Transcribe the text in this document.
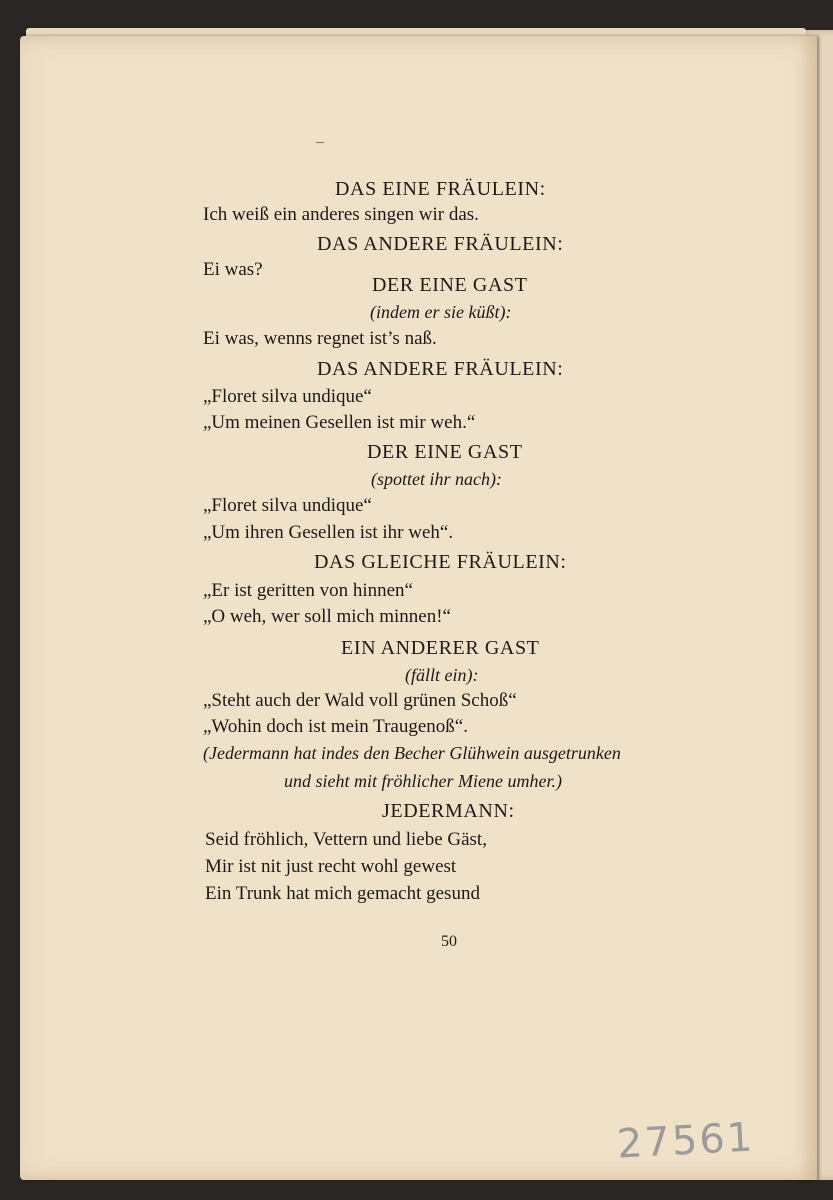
DAS EINE FRÄULEIN:
Ich weiß ein anderes singen wir das.
DAS ANDERE FRÄULEIN:
Ei was?
DER EINE GAST
(indem er sie küßt):
Ei was, wenns regnet ist’s naß.
DAS ANDERE FRÄULEIN:
„Floret silva undique“
„Um meinen Gesellen ist mir weh.“
DER EINE GAST
(spottet ihr nach):
„Floret silva undique“
„Um ihren Gesellen ist ihr weh“.
DAS GLEICHE FRÄULEIN:
„Er ist geritten von hinnen“
„O weh, wer soll mich minnen!“
EIN ANDERER GAST
(fällt ein):
„Steht auch der Wald voll grünen Schoß“
„Wohin doch ist mein Traugenoß“.
(Jedermann hat indes den Becher Glühwein ausgetrunken
und sieht mit fröhlicher Miene umher.)
JEDERMANN:
Seid fröhlich, Vettern und liebe Gäst,
Mir ist nit just recht wohl gewest
Ein Trunk hat mich gemacht gesund
50
27561
